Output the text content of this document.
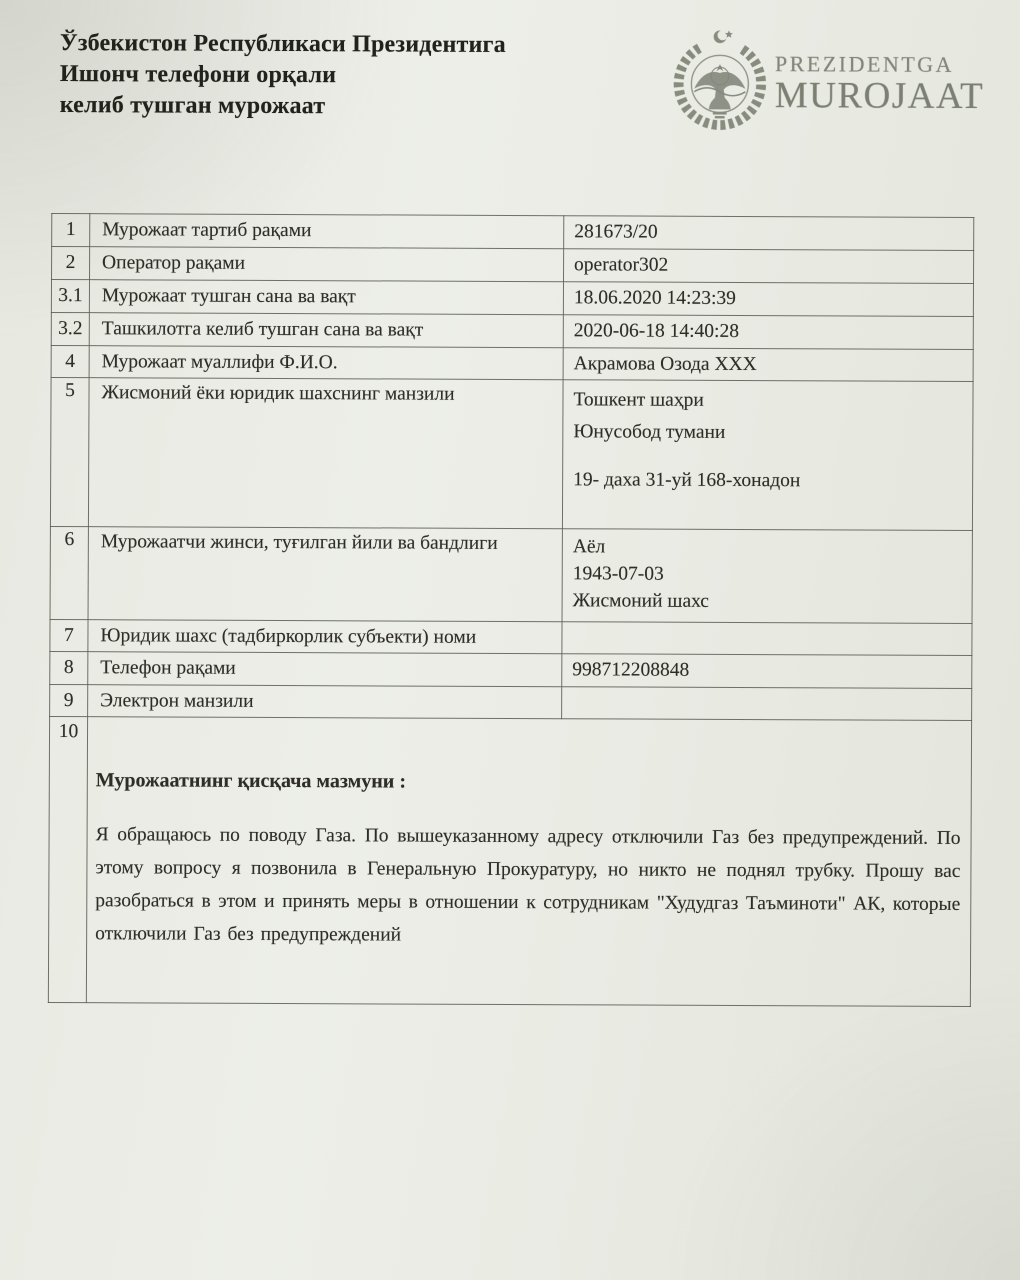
Ўзбекистон Республикаси Президентига
Ишонч телефони орқали
келиб тушган мурожаат
PREZIDENTGA
MUROJAAT
1	Мурожаат тартиб рақами	281673/20
2	Оператор рақами	operator302
3.1	Мурожаат тушган сана ва вақт	18.06.2020 14:23:39
3.2	Ташкилотга келиб тушган сана ва вақт	2020-06-18 14:40:28
4	Мурожаат муаллифи Ф.И.О.	Акрамова Озода XXX
5	Жисмоний ёки юридик шахснинг манзили	Тошкент шаҳри
Юнусобод тумани
19- даха 31-уй 168-хонадон

6	Мурожаатчи жинси, туғилган йили ва бандлиги	Аёл
1943-07-03
Жисмоний шахс

7	Юридик шахс (тадбиркорлик субъекти) номи	
8	Телефон рақами	998712208848
9	Электрон манзили	
10	Мурожаатнинг қисқача мазмуни :
Я обращаюсь по поводу Газа. По вышеуказанному адресу отключили Газ без предупреждений. По этому вопросу я позвонила в Генеральную Прокуратуру, но никто не поднял трубку. Прошу вас разобраться в этом и принять меры в отношении к сотрудникам "Худудгаз Таъминоти" АК, которые отключили Газ без предупреждений	
